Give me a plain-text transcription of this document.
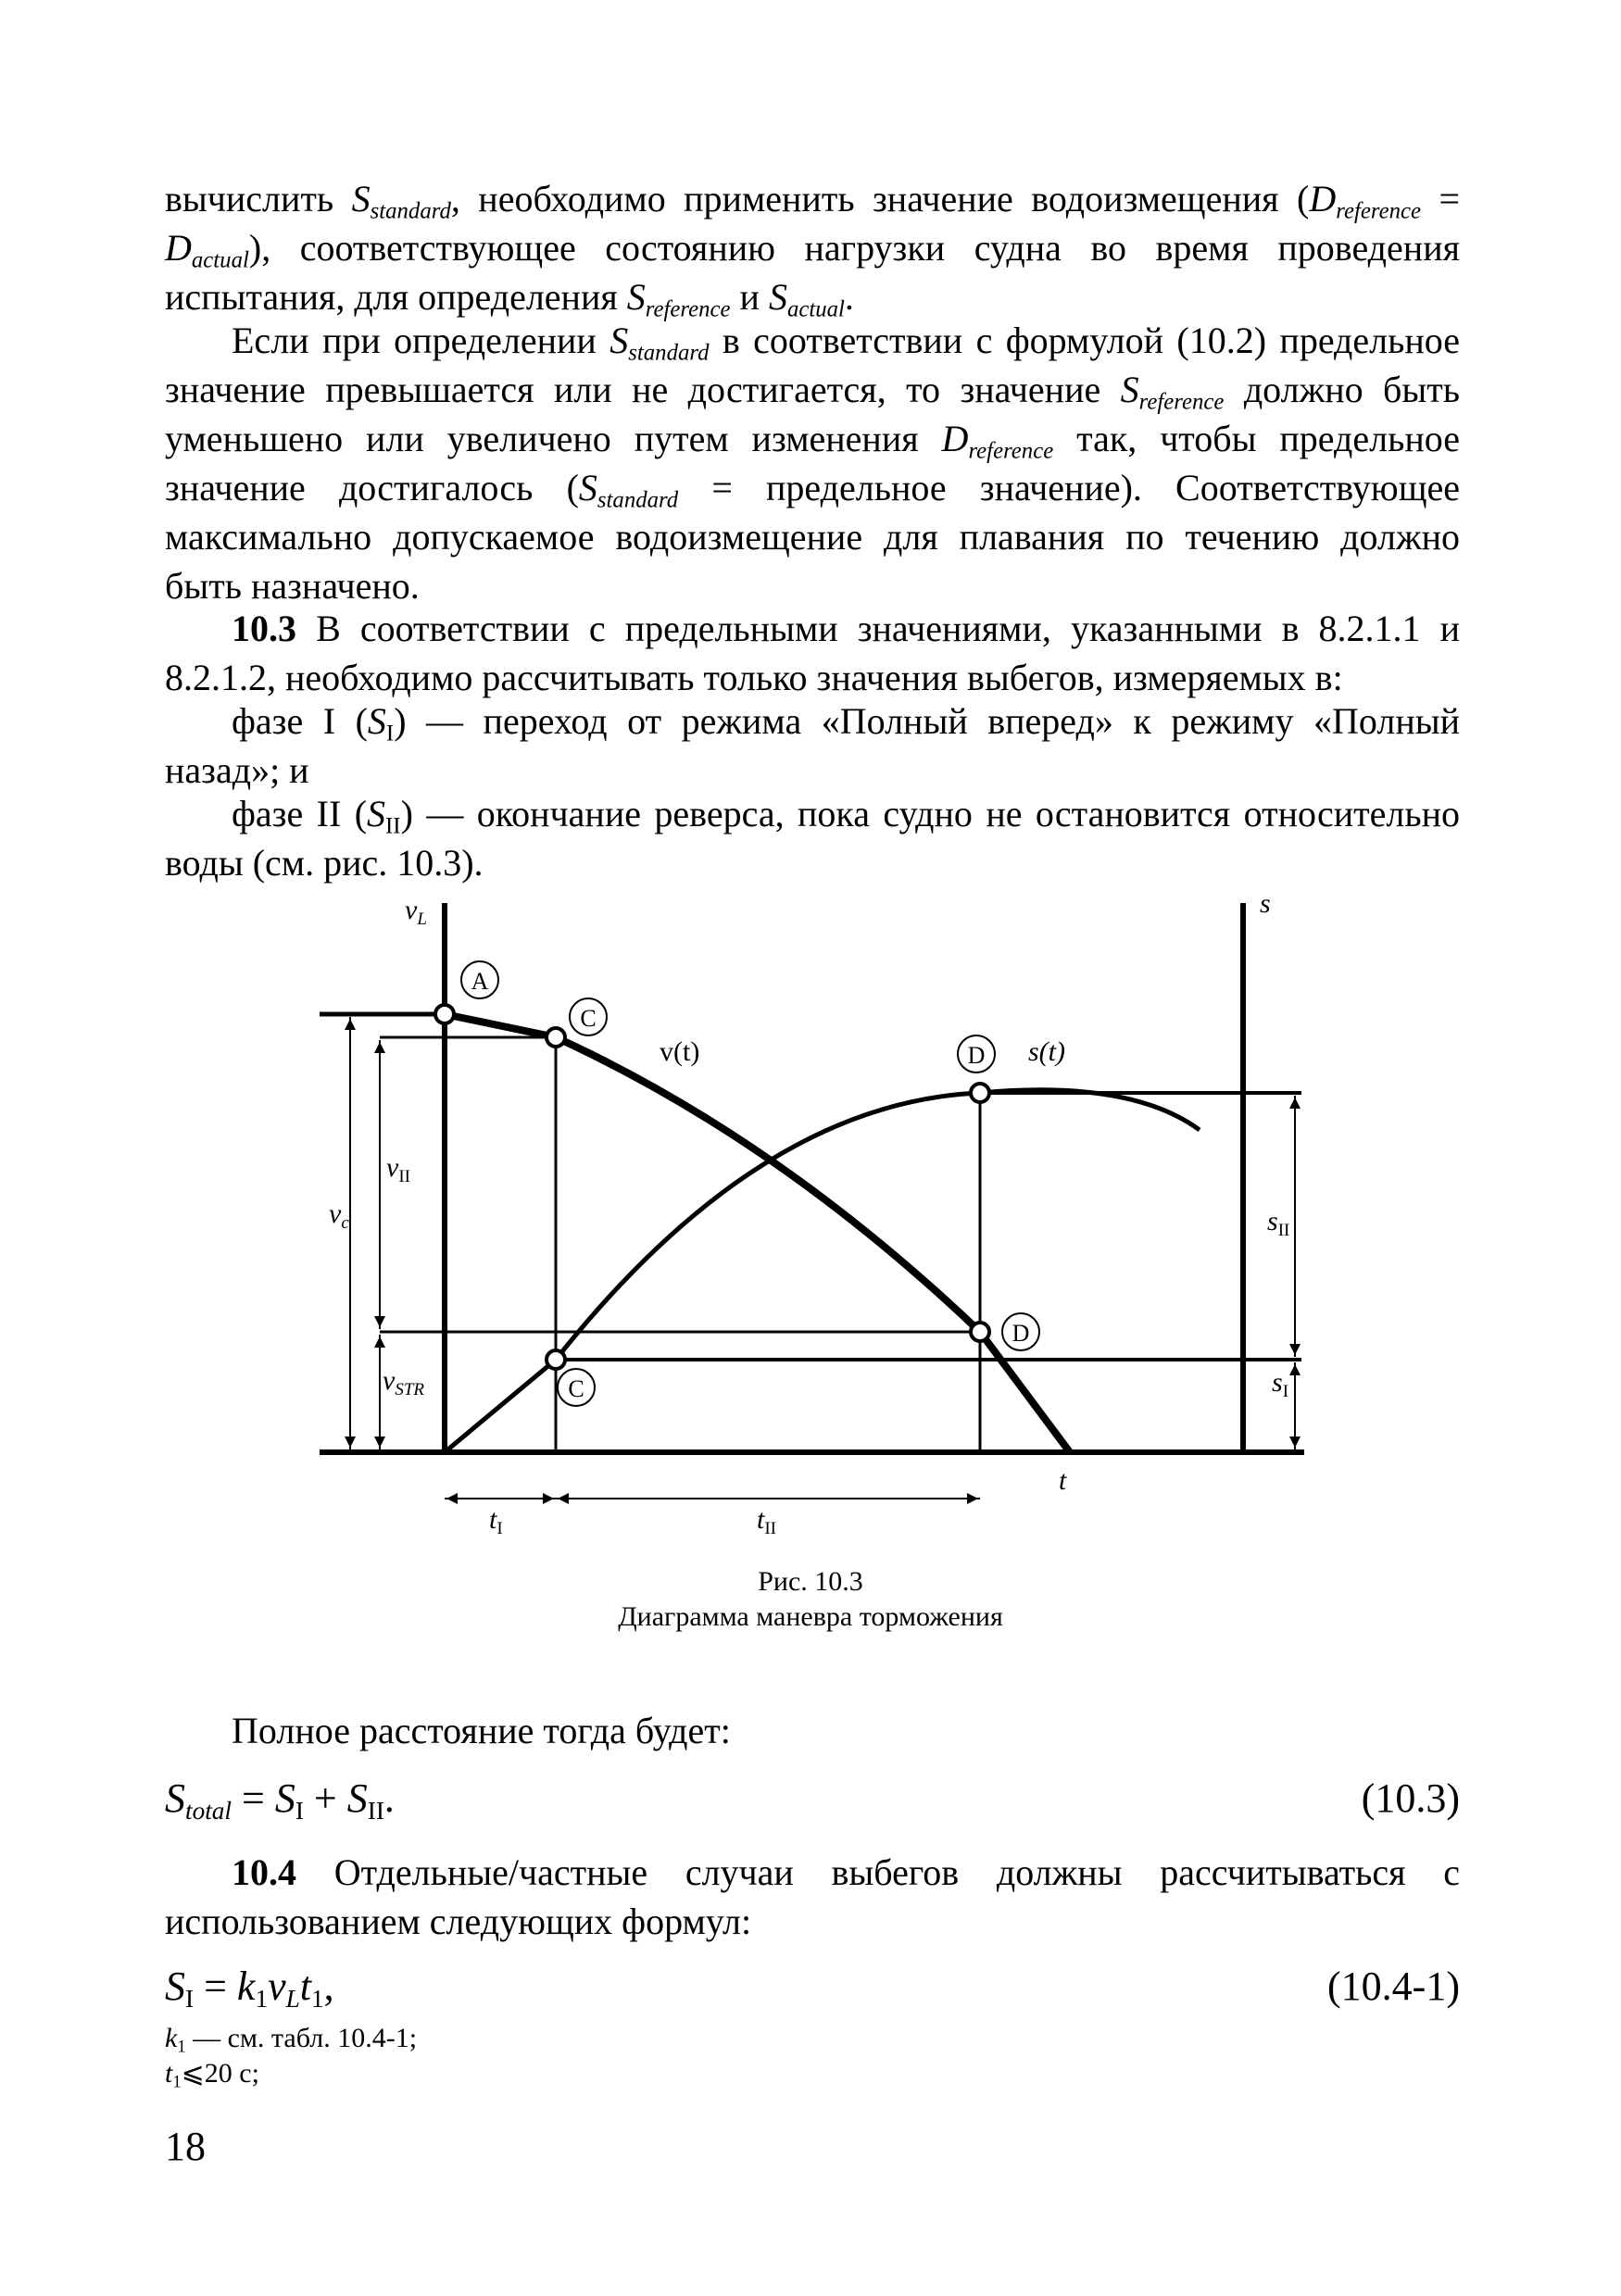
вычислить $S_{standard}$, необходимо применить значение водоизмещения $(D_{reference} = D_{actual})$, соответствующее состоянию нагрузки судна во время проведения испытания, для определения $S_{reference}$ и $S_{actual}$.
Если при определении $S_{standard}$ в соответствии с формулой (10.2) предельное значение превышается или не достигается, то значение $S_{reference}$ должно быть уменьшено или увеличено путем изменения $D_{reference}$ так, чтобы предельное значение достигалось ($S_{standard}$ = предельное значение). Соответствующее максимально допускаемое водоизмещение для плавания по течению должно быть назначено.
10.3 В соответствии с предельными значениями, указанными в 8.2.1.1 и 8.2.1.2, необходимо рассчитывать только значения выбегов, измеряемых в:
фазе I $(S_I)$ — переход от режима «Полный вперед» к режиму «Полный назад»; и
фазе II $(S_{II})$ — окончание реверса, пока судно не остановится относительно воды (см. рис. 10.3).
$v_L$
s
A
C
D
D
C
v(t)	s(t)
$v_{II}$
$v_c$
$v_{STR}$
$s_{II}$
$s_I$
t
$t_I$	$t_{II}$
Рис. 10.3
Диаграмма маневра торможения
Полное расстояние тогда будет:
$S_{total} = S_I + S_{II}$.	(10.3)
10.4 Отдельные/частные случаи выбегов должны рассчитываться с использованием следующих формул:
$S_I = k_1v_Lt_1$,	(10.4-1)
$k_1$ — см. табл. 10.4-1;
$t_1⩽20$ с;
18
